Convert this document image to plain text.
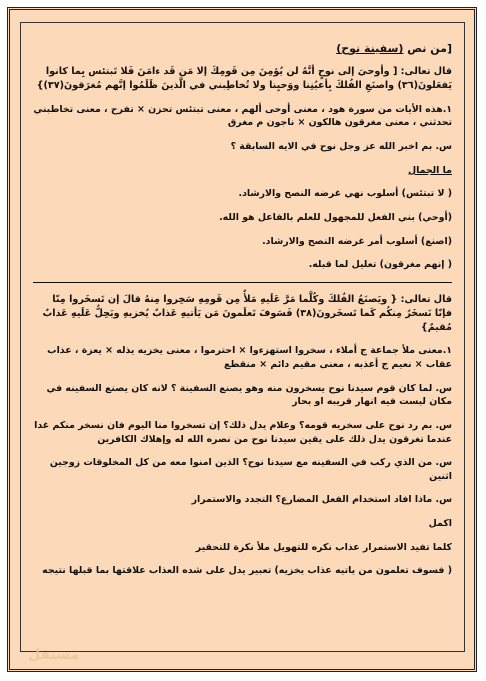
[من نص (سفينة نوح)
قال تعالى: [ وأوحيَ إلى نوحٍ أنَّهُ لن يُؤمِنَ مِن قَومِكَ إلا مَن قَد ءامَنَ فَلا تَبتئس بِما كانوا يَفعَلونَ(٣٦) واصنَعِ الفُلكَ بِأعيُنِنا ووَحيِنا ولا تُخاطِبني في الَّذينَ ظَلَمُوا إنَّهم مُغرَقونَ(٣٧)}
١.هذه الأيات من سورة هود ، معنى أوحى ألهم ، معنى تبتئس تحزن × تفرح ، معنى تخاطبني تحدثني ، معنى مغرقون هالكون × ناجون م مغرق
س. بم اخبر الله عز وجل نوح في الايه السابقة ؟
ما الجمال
( لا تبتئس) أسلوب نهي غرضه النصح والارشاد.
(أوحي) بني الفعل للمجهول للعلم بالفاعل هو الله.
(اصنع) أسلوب أمر غرضه النصح والارشاد.
( إنهم مغرقون) تعليل لما قبله.
قال تعالى: { ويَصنَعُ الفُلكَ وكُلَّما مَرَّ عَلَيهِ مَلأٌ مِن قَومِهِ سَخِروا مِنهُ قالَ إن تَسخَروا مِنّا فإنّا نَسخَرُ مِنكُم كَما تَسخَرونَ(٣٨) فَسَوفَ تَعلَمونَ مَن يَأتيهِ عَذابٌ يُخزيهِ ويَحِلُّ عَلَيهِ عَذابٌ مُقيمٌ}
١.معنى ملأ جماعة ج أملاء ، سخروا استهزءوا × احترموا ، معنى يخزيه يذله × يعزة ، عذاب عقاب × نعيم ج أعذبه ، معنى مقيم دائم × منقطع
س. لما كان قوم سيدنا نوح يسخرون منه وهو يصنع السفينة ؟ لانه كان يصنع السفينه في مكان ليست فيه انهار قريبه او بحار
س. بم رد نوح على سخريه قومه؟ وعلام يدل ذلك؟ إن تسخروا منا اليوم فان نسخر منكم غدا عندما تغرقون يدل ذلك على يقين سيدنا نوح من نصره الله له وإهلاك الكافرين
س. من الذي ركب في السفينه مع سيدنا نوح؟ الذين امنوا معه من كل المخلوقات زوجين اثنين
س. ماذا افاد استخدام الفعل المضارع؟ التجدد والاستمرار
اكمل
كلما تفيد الاستمرار عذاب نكره للتهويل ملأ نكرة للتحقير
( فسوف تعلمون من ياتيه عذاب يخزيه) تعبير يدل على شده العذاب علاقتها بما قبلها نتيجه
مستقل
